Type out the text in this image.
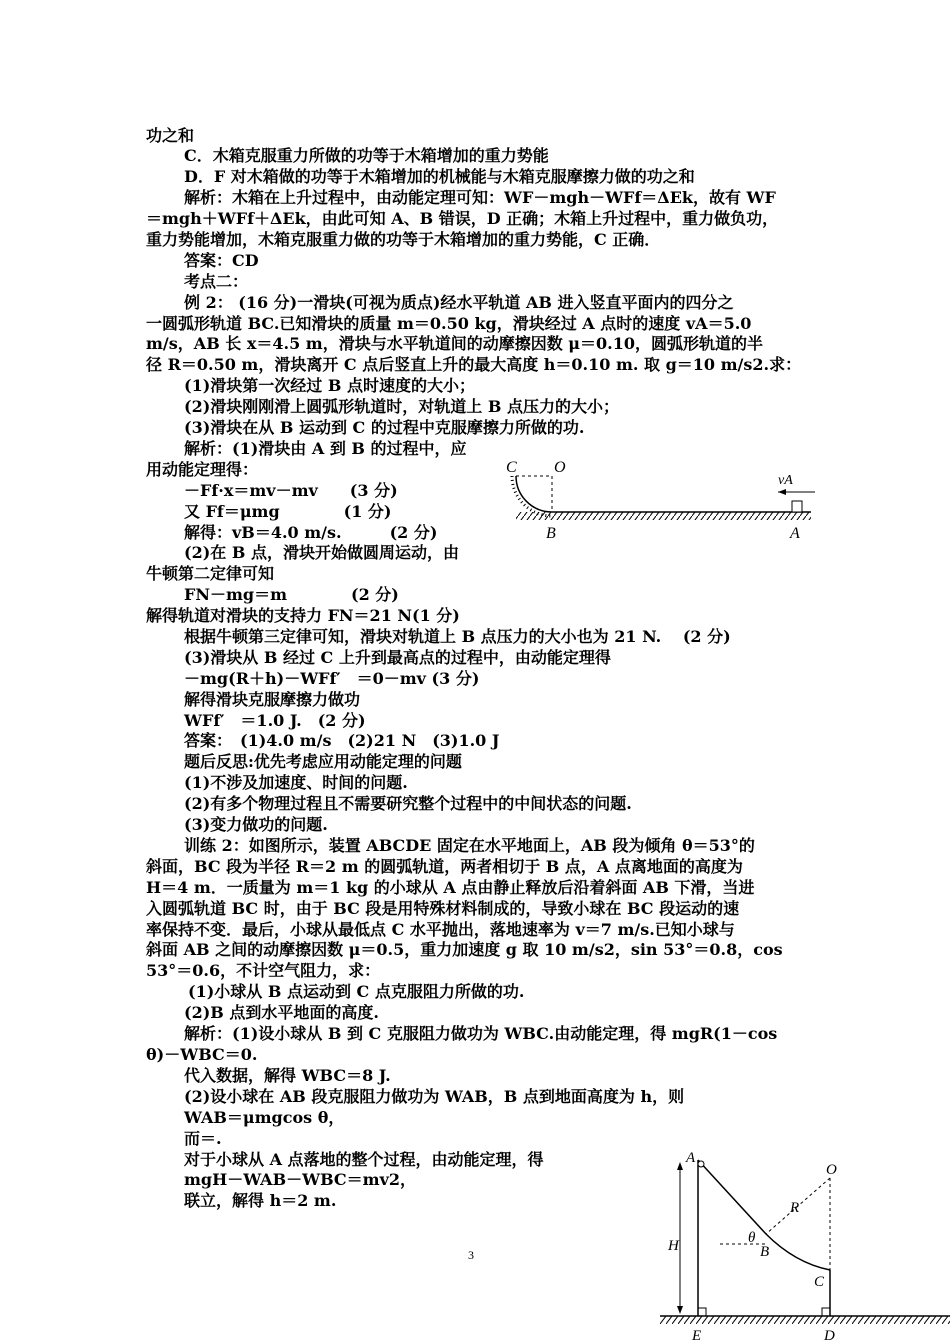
功之和
C．木箱克服重力所做的功等于木箱增加的重力势能
D．F 对木箱做的功等于木箱增加的机械能与木箱克服摩擦力做的功之和
解析：木箱在上升过程中，由动能定理可知：WF－mgh－WFf＝ΔEk，故有 WF
＝mgh＋WFf＋ΔEk，由此可知 A、B 错误，D 正确；木箱上升过程中，重力做负功，
重力势能增加，木箱克服重力做的功等于木箱增加的重力势能，C 正确．
答案：CD
考点二：
例 2： (16 分)一滑块(可视为质点)经水平轨道 AB 进入竖直平面内的四分之
一圆弧形轨道 BC.已知滑块的质量 m＝0.50 kg，滑块经过 A 点时的速度 vA＝5.0
m/s，AB 长 x＝4.5 m，滑块与水平轨道间的动摩擦因数 μ＝0.10，圆弧形轨道的半
径 R＝0.50 m，滑块离开 C 点后竖直上升的最大高度 h＝0.10 m. 取 g＝10 m/s2.求：
(1)滑块第一次经过 B 点时速度的大小；
(2)滑块刚刚滑上圆弧形轨道时，对轨道上 B 点压力的大小；
(3)滑块在从 B 运动到 C 的过程中克服摩擦力所做的功.
解析：(1)滑块由 A 到 B 的过程中，应
用动能定理得：
－Ff·x＝mv－mv　　(3 分)
又 Ff＝μmg　　　　(1 分)
解得：vB＝4.0 m/s.　　　(2 分)
(2)在 B 点，滑块开始做圆周运动，由
牛顿第二定律可知
FN－mg＝m　　　　(2 分)
解得轨道对滑块的支持力 FN＝21 N(1 分)
根据牛顿第三定律可知，滑块对轨道上 B 点压力的大小也为 21 N.　 (2 分)
(3)滑块从 B 经过 C 上升到最高点的过程中，由动能定理得
－mg(R＋h)－WFf′　＝0－mv (3 分)
解得滑块克服摩擦力做功
WFf′　＝1.0 J.　(2 分)
答案：　(1)4.0 m/s　(2)21 N　(3)1.0 J
题后反思:优先考虑应用动能定理的问题
(1)不涉及加速度、时间的问题.
(2)有多个物理过程且不需要研究整个过程中的中间状态的问题.
(3)变力做功的问题.
训练 2：如图所示，装置 ABCDE 固定在水平地面上，AB 段为倾角 θ＝53°的
斜面，BC 段为半径 R＝2 m 的圆弧轨道，两者相切于 B 点，A 点离地面的高度为
H＝4 m．一质量为 m＝1 kg 的小球从 A 点由静止释放后沿着斜面 AB 下滑，当进
入圆弧轨道 BC 时，由于 BC 段是用特殊材料制成的，导致小球在 BC 段运动的速
率保持不变．最后，小球从最低点 C 水平抛出，落地速率为 v＝7 m/s.已知小球与
斜面 AB 之间的动摩擦因数 μ＝0.5，重力加速度 g 取 10 m/s2，sin 53°＝0.8，cos
53°＝0.6，不计空气阻力，求：
(1)小球从 B 点运动到 C 点克服阻力所做的功.
(2)B 点到水平地面的高度.
解析：(1)设小球从 B 到 C 克服阻力做功为 WBC.由动能定理，得 mgR(1－cos
θ)－WBC＝0.
代入数据，解得 WBC＝8 J.
(2)设小球在 AB 段克服阻力做功为 WAB，B 点到地面高度为 h，则
WAB＝μmgcos θ，
而＝.
对于小球从 A 点落地的整个过程，由动能定理，得
mgH－WAB－WBC＝mv2，
联立，解得 h＝2 m.
3
C O
B	A
vA
A
O
R
θ
B
H
C
E	D
